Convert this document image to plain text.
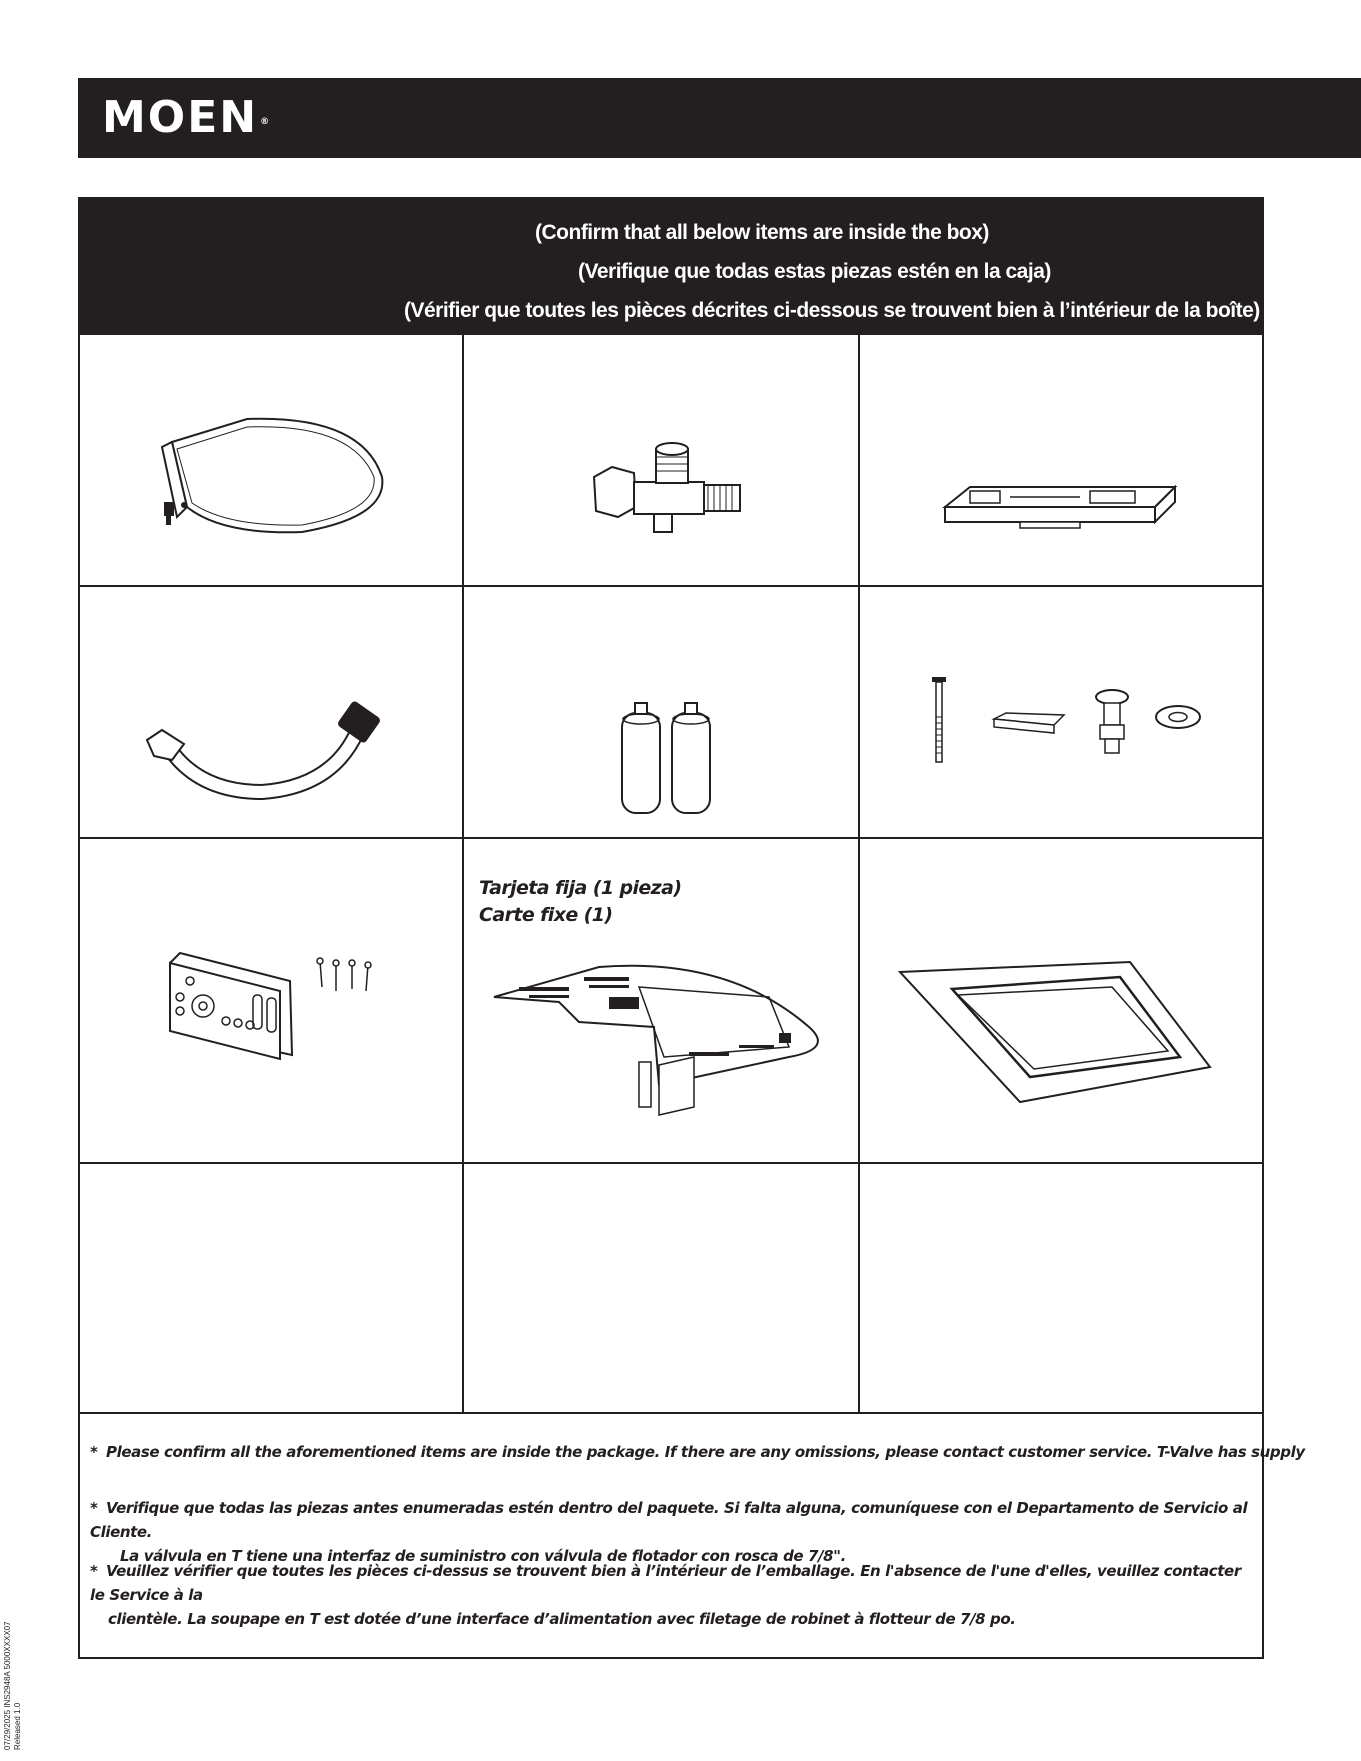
MOEN ®
(Confirm that all below items are inside the box)
(Verifique que todas estas piezas estén en la caja)
(Vérifier que toutes les pièces décrites ci-dessous se trouvent bien à l’intérieur de la boîte)
Tarjeta fija (1 pieza)
Carte fixe (1)
* Please confirm all the aforementioned items are inside the package. If there are any omissions, please contact customer service. T-Valve has supply
* Verifique que todas las piezas antes enumeradas estén dentro del paquete. Si falta alguna, comuníquese con el Departamento de Servicio al Cliente.
La válvula en T tiene una interfaz de suministro con válvula de flotador con rosca de 7/8".
* Veuillez vérifier que toutes les pièces ci-dessus se trouvent bien à l’intérieur de l’emballage. En l'absence de l'une d'elles, veuillez contacter le Service à la
clientèle. La soupape en T est dotée d’une interface d’alimentation avec filetage de robinet à flotteur de 7/8 po.
07/29/2025 INS2948A 5000XXXX07 Released 1.0
